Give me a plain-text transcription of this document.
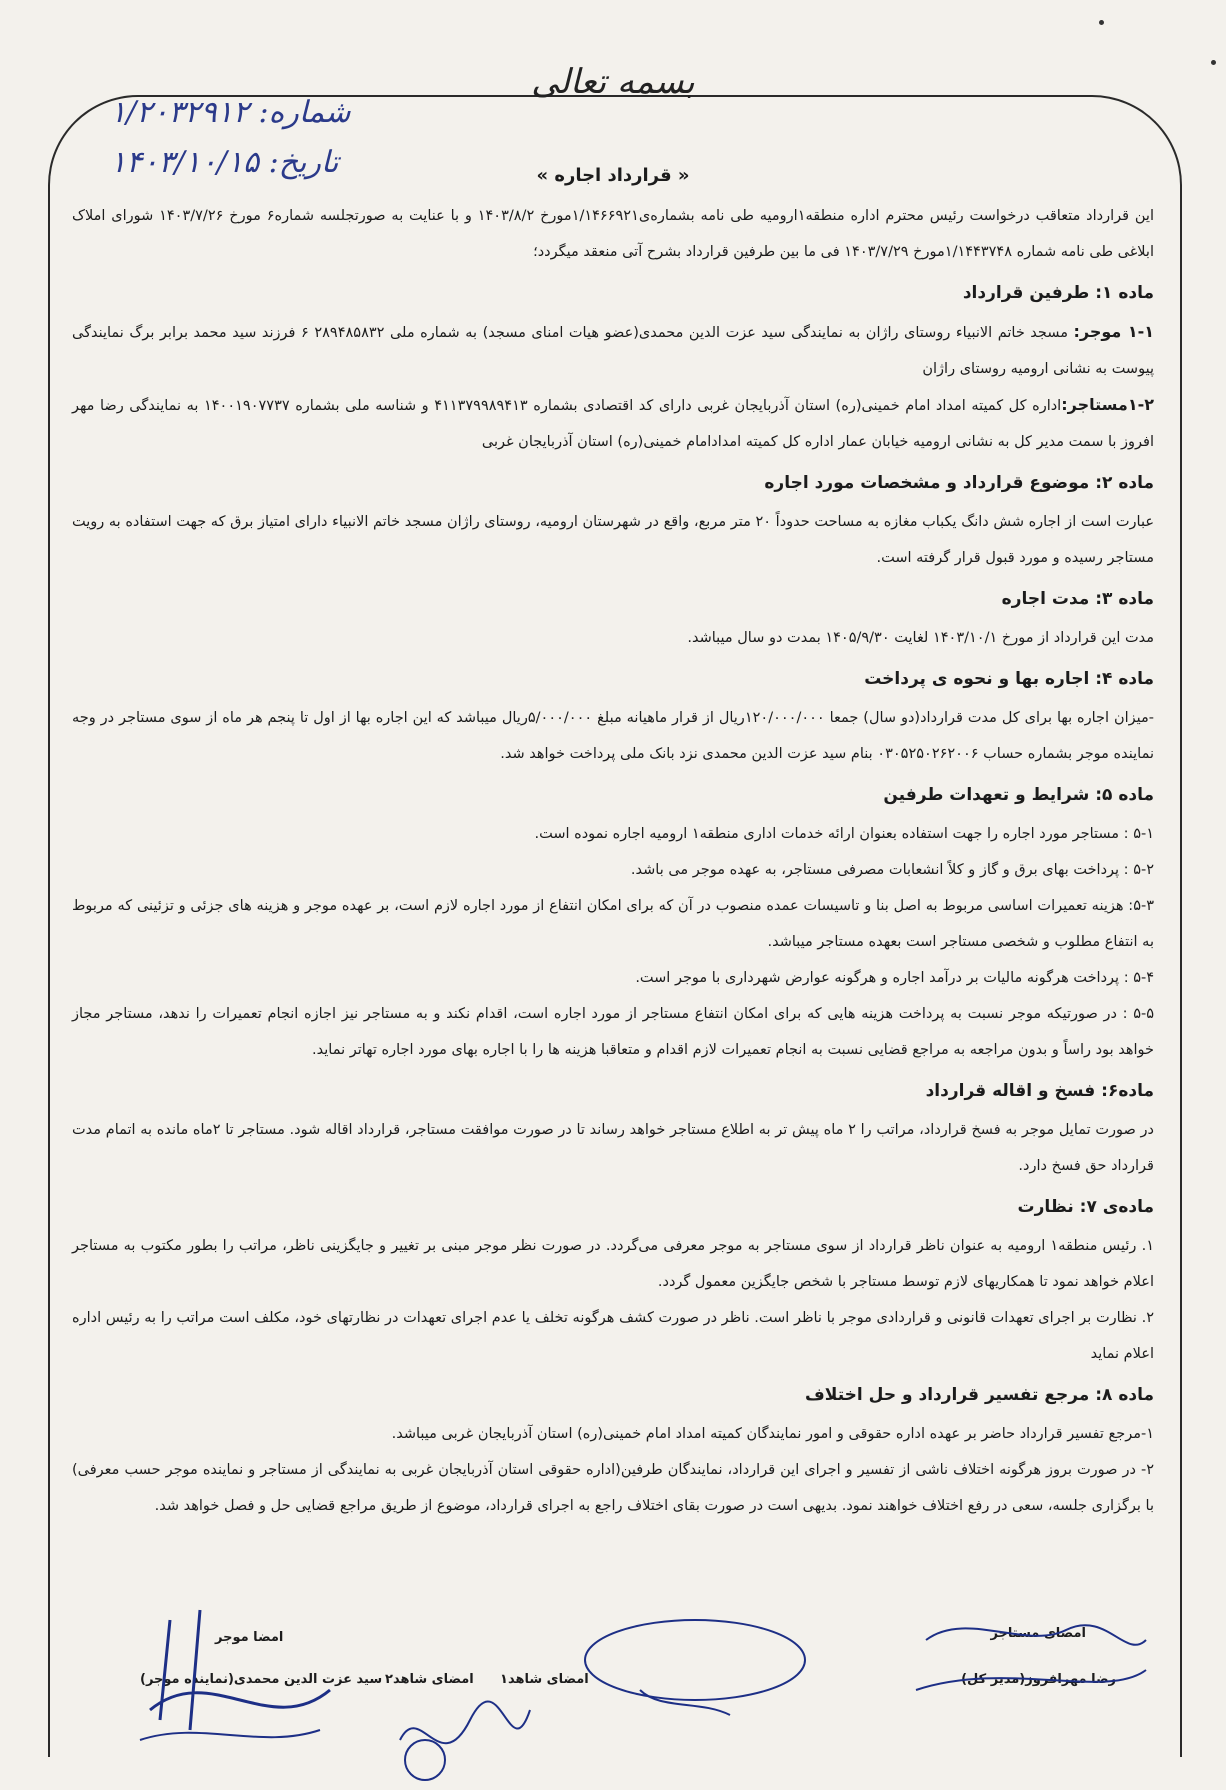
بسمه تعالی
شماره: ۱/۲۰۳۲۹۱۲
تاریخ: ۱۴۰۳/۱۰/۱۵	« قرارداد اجاره »

این قرارداد متعاقب درخواست رئیس محترم اداره منطقه۱ارومیه طی نامه بشماره‌ی۱/۱۴۶۶۹۲۱مورخ ۱۴۰۳/۸/۲ و با عنایت به صورتجلسه شماره۶ مورخ ۱۴۰۳/۷/۲۶ شورای املاک ابلاغی طی نامه شماره ۱/۱۴۴۳۷۴۸مورخ ۱۴۰۳/۷/۲۹ فی ما بین طرفین قرارداد بشرح آتی منعقد میگردد؛

ماده ۱: طرفین قرارداد

۱-۱ موجر: مسجد خاتم الانبیاء روستای راژان به نمایندگی سید عزت الدین محمدی(عضو هیات امنای مسجد) به شماره ملی ۲۸۹۴۸۵۸۳۲ ۶ فرزند سید محمد برابر برگ نمایندگی پیوست به نشانی ارومیه روستای راژان

۱-۲مستاجر:اداره کل کمیته امداد امام خمینی(ره) استان آذربایجان غربی دارای کد اقتصادی بشماره ۴۱۱۳۷۹۹۸۹۴۱۳ و شناسه ملی بشماره ۱۴۰۰۱۹۰۷۷۳۷ به نمایندگی رضا مهر افروز با سمت مدیر کل به نشانی ارومیه خیابان عمار اداره کل کمیته امدادامام خمینی(ره) استان آذربایجان غربی

ماده ۲: موضوع قرارداد و مشخصات مورد اجاره

عبارت است از اجاره شش دانگ یکباب مغازه به مساحت حدوداً ۲۰ متر مربع، واقع در شهرستان ارومیه، روستای راژان مسجد خاتم الانبیاء دارای امتیاز برق که جهت استفاده به رویت مستاجر رسیده و مورد قبول قرار گرفته است.

ماده ۳: مدت اجاره

مدت این قرارداد از مورخ ۱۴۰۳/۱۰/۱ لغایت ۱۴۰۵/۹/۳۰ بمدت دو سال میباشد.

ماده ۴: اجاره بها و نحوه ی پرداخت

-میزان اجاره بها برای کل مدت قرارداد(دو سال) جمعا ۱۲۰/۰۰۰/۰۰۰ریال از قرار ماهیانه مبلغ ۵/۰۰۰/۰۰۰ریال میباشد که این اجاره بها از اول تا پنجم هر ماه از سوی مستاجر در وجه نماینده موجر بشماره حساب ۰۳۰۵۲۵۰۲۶۲۰۰۶ بنام سید عزت الدین محمدی نزد بانک ملی پرداخت خواهد شد.

ماده ۵: شرایط و تعهدات طرفین

۵-۱ : مستاجر مورد اجاره را جهت استفاده بعنوان ارائه خدمات اداری منطقه۱ ارومیه اجاره نموده است.

۵-۲ : پرداخت بهای برق و گاز و کلاً انشعابات مصرفی مستاجر، به عهده موجر می باشد.

۵-۳: هزینه تعمیرات اساسی مربوط به اصل بنا و تاسیسات عمده منصوب در آن که برای امکان انتفاع از مورد اجاره لازم است، بر عهده موجر و هزینه های جزئی و تزئینی که مربوط به انتفاع مطلوب و شخصی مستاجر است بعهده مستاجر میباشد.

۵-۴ : پرداخت هرگونه مالیات بر درآمد اجاره و هرگونه عوارض شهرداری با موجر است.

۵-۵ : در صورتیکه موجر نسبت به پرداخت هزینه هایی که برای امکان انتفاع مستاجر از مورد اجاره است، اقدام نکند و به مستاجر نیز اجازه انجام تعمیرات را ندهد، مستاجر مجاز خواهد بود راساً و بدون مراجعه به مراجع قضایی نسبت به انجام تعمیرات لازم اقدام و متعاقبا هزینه ها را با اجاره بهای مورد اجاره تهاتر نماید.

ماده۶: فسخ و اقاله قرارداد

در صورت تمایل موجر به فسخ قرارداد، مراتب را ۲ ماه پیش تر به اطلاع مستاجر خواهد رساند تا در صورت موافقت مستاجر، قرارداد اقاله شود. مستاجر تا ۲ماه مانده به اتمام مدت قرارداد حق فسخ دارد.

ماده‌ی ۷: نظارت

۱. رئیس منطقه۱ ارومیه به عنوان ناظر قرارداد از سوی مستاجر به موجر معرفی می‌گردد. در صورت نظر موجر مبنی بر تغییر و جایگزینی ناظر، مراتب را بطور مکتوب به مستاجر اعلام خواهد نمود تا همکاریهای لازم توسط مستاجر با شخص جایگزین معمول گردد.

۲. نظارت بر اجرای تعهدات قانونی و قراردادی موجر با ناظر است. ناظر در صورت کشف هرگونه تخلف یا عدم اجرای تعهدات در نظارتهای خود، مکلف است مراتب را به رئیس اداره اعلام نماید

ماده ۸: مرجع تفسیر قرارداد و حل اختلاف

۱-مرجع تفسیر قرارداد حاضر بر عهده اداره حقوقی و امور نمایندگان کمیته امداد امام خمینی(ره) استان آذربایجان غربی میباشد.

۲- در صورت بروز هرگونه اختلاف ناشی از تفسیر و اجرای این قرارداد، نمایندگان طرفین(اداره حقوقی استان آذربایجان غربی به نمایندگی از مستاجر و نماینده موجر حسب معرفی) با برگزاری جلسه، سعی در رفع اختلاف خواهند نمود. بدیهی است در صورت بقای اختلاف راجع به اجرای قرارداد، موضوع از طریق مراجع قضایی حل و فصل خواهد شد.

امضای مستاجر
رضا مهرافروز(مدیر کل)
امضای شاهد۱
امضای شاهد۲
امضا موجر
سید عزت الدین محمدی(نماینده موجر)
